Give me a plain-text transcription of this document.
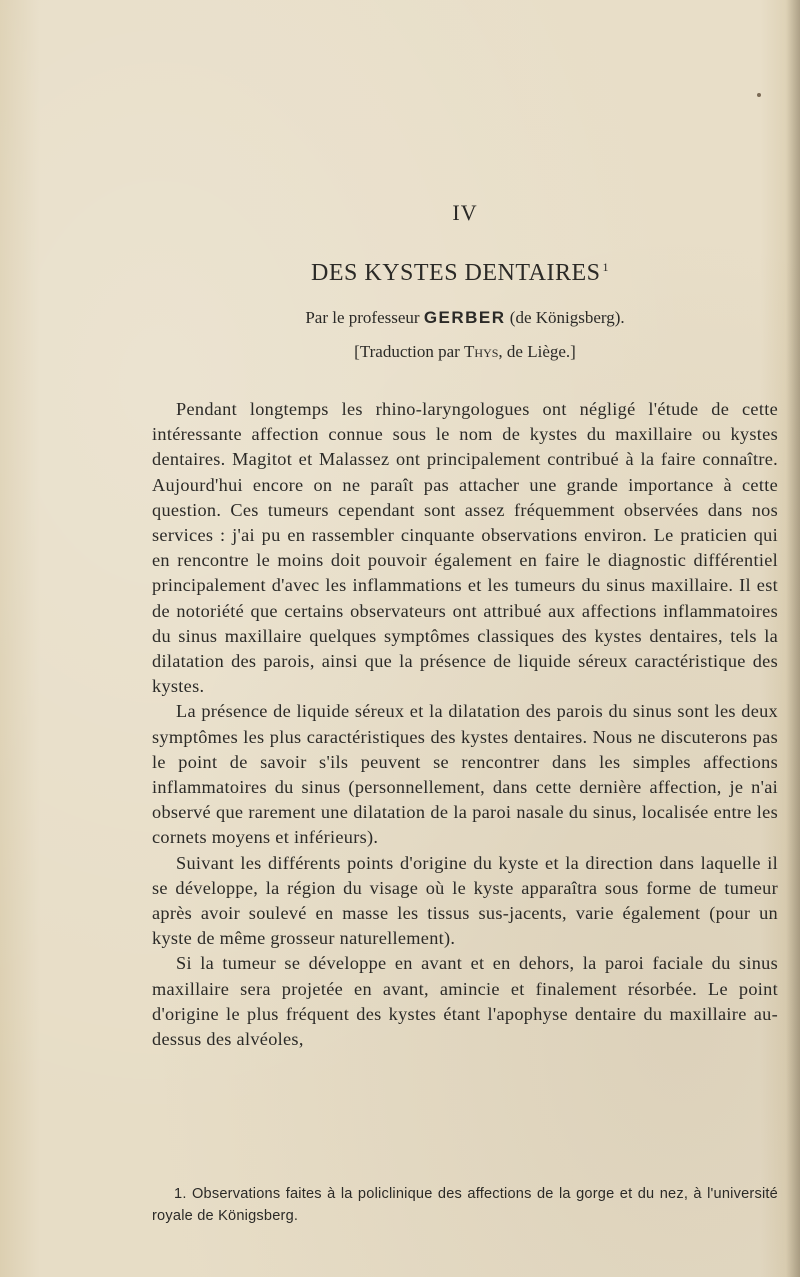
IV
DES KYSTES DENTAIRES $^1$
Par le professeur GERBER (de Königsberg).
[Traduction par Thys, de Liège.]

Pendant longtemps les rhino-laryngologues ont négligé l'étude de cette intéressante affection connue sous le nom de kystes du maxillaire ou kystes dentaires. Magitot et Malassez ont principalement contribué à la faire connaître. Aujourd'hui encore on ne paraît pas attacher une grande importance à cette question. Ces tumeurs cependant sont assez fréquemment observées dans nos services : j'ai pu en rassembler cinquante observations environ. Le praticien qui en rencontre le moins doit pouvoir également en faire le diagnostic différentiel principalement d'avec les inflammations et les tumeurs du sinus maxillaire. Il est de notoriété que certains observateurs ont attribué aux affections inflammatoires du sinus maxillaire quelques symptômes classiques des kystes dentaires, tels la dilatation des parois, ainsi que la présence de liquide séreux caractéristique des kystes.

La présence de liquide séreux et la dilatation des parois du sinus sont les deux symptômes les plus caractéristiques des kystes dentaires. Nous ne discuterons pas le point de savoir s'ils peuvent se rencontrer dans les simples affections inflammatoires du sinus (personnellement, dans cette dernière affection, je n'ai observé que rarement une dilatation de la paroi nasale du sinus, localisée entre les cornets moyens et inférieurs).

Suivant les différents points d'origine du kyste et la direction dans laquelle il se développe, la région du visage où le kyste apparaîtra sous forme de tumeur après avoir soulevé en masse les tissus sus-jacents, varie également (pour un kyste de même grosseur naturellement).

Si la tumeur se développe en avant et en dehors, la paroi faciale du sinus maxillaire sera projetée en avant, amincie et finalement résorbée. Le point d'origine le plus fréquent des kystes étant l'apophyse dentaire du maxillaire au-dessus des alvéoles,

1. Observations faites à la policlinique des affections de la gorge et du nez, à l'université royale de Königsberg.
